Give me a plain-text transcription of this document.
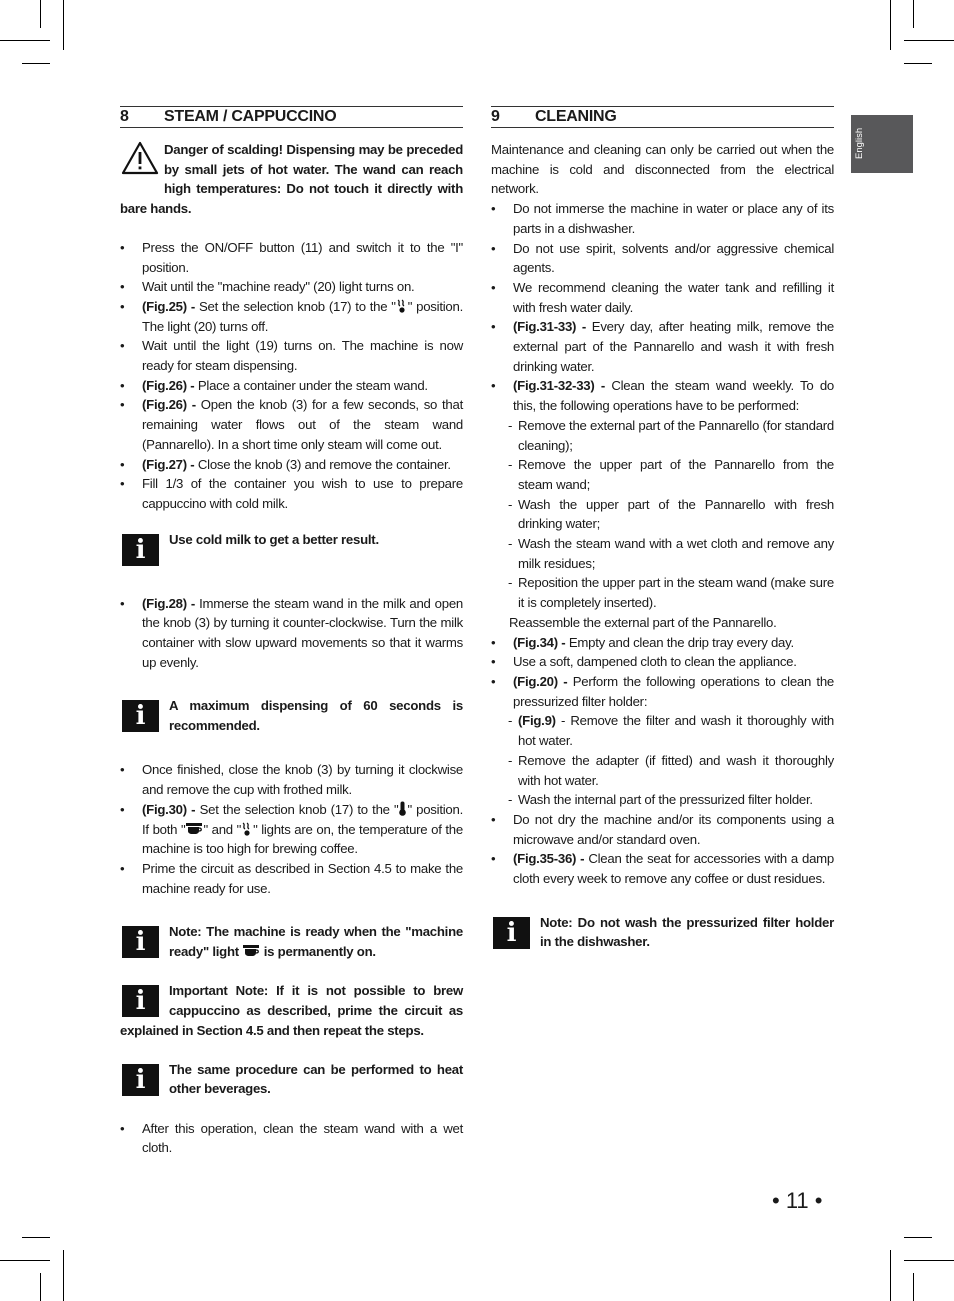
English
8 STEAM / CAPPUCCINO
Danger of scalding! Dispensing may be preceded by small jets of hot water. The wand can reach high temperatures: Do not touch it directly with bare hands.
• Press the ON/OFF button (11) and switch it to the "I" position.
• Wait until the "machine ready" (20) light turns on.
• (Fig.25) - Set the selection knob (17) to the " " position. The light (20) turns off.
• Wait until the light (19) turns on. The machine is now ready for steam dispensing.
• (Fig.26) - Place a container under the steam wand.
• (Fig.26) - Open the knob (3) for a few seconds, so that remaining water flows out of the steam wand (Pannarello). In a short time only steam will come out.
• (Fig.27) - Close the knob (3) and remove the container.
• Fill 1/3 of the container you wish to use to prepare cappuccino with cold milk.
i	Use cold milk to get a better result.
• (Fig.28) - Immerse the steam wand in the milk and open the knob (3) by turning it counter-clockwise. Turn the milk container with slow upward movements so that it warms up evenly.
i	A maximum dispensing of 60 seconds is recommended.
• Once finished, close the knob (3) by turning it clockwise and remove the cup with frothed milk.
• (Fig.30) - Set the selection knob (17) to the " " position. If both " " and " " lights are on, the temperature of the machine is too high for brewing coffee.
• Prime the circuit as described in Section 4.5 to make the machine ready for use.
i	Note: The machine is ready when the "machine ready" light  is permanently on.
i	Important Note: If it is not possible to brew cappuccino as described, prime the circuit as explained in Section 4.5 and then repeat the steps.
i	The same procedure can be performed to heat other beverages.
• After this operation, clean the steam wand with a wet cloth.
9 CLEANING

Maintenance and cleaning can only be carried out when the machine is cold and disconnected from the electrical network.

• Do not immerse the machine in water or place any of its parts in a dishwasher.
• Do not use spirit, solvents and/or aggressive chemical agents.
• We recommend cleaning the water tank and refilling it with fresh water daily.
• (Fig.31-33) - Every day, after heating milk, remove the external part of the Pannarello and wash it with fresh drinking water.
• (Fig.31-32-33) - Clean the steam wand weekly. To do this, the following operations have to be performed:
- Remove the external part of the Pannarello (for standard cleaning);
- Remove the upper part of the Pannarello from the steam wand;
- Wash the upper part of the Pannarello with fresh drinking water;
- Wash the steam wand with a wet cloth and remove any milk residues;
- Reposition the upper part in the steam wand (make sure it is completely inserted).

Reassemble the external part of the Pannarello.

• (Fig.34) - Empty and clean the drip tray every day.
• Use a soft, dampened cloth to clean the appliance.
• (Fig.20) - Perform the following operations to clean the pressurized filter holder:
- (Fig.9) - Remove the filter and wash it thoroughly with hot water.
- Remove the adapter (if fitted) and wash it thoroughly with hot water.
- Wash the internal part of the pressurized filter holder.
• Do not dry the machine and/or its components using a microwave and/or standard oven.
• (Fig.35-36) - Clean the seat for accessories with a damp cloth every week to remove any coffee or dust residues.
i	Note: Do not wash the pressurized filter holder in the dishwasher.
• 11 •
